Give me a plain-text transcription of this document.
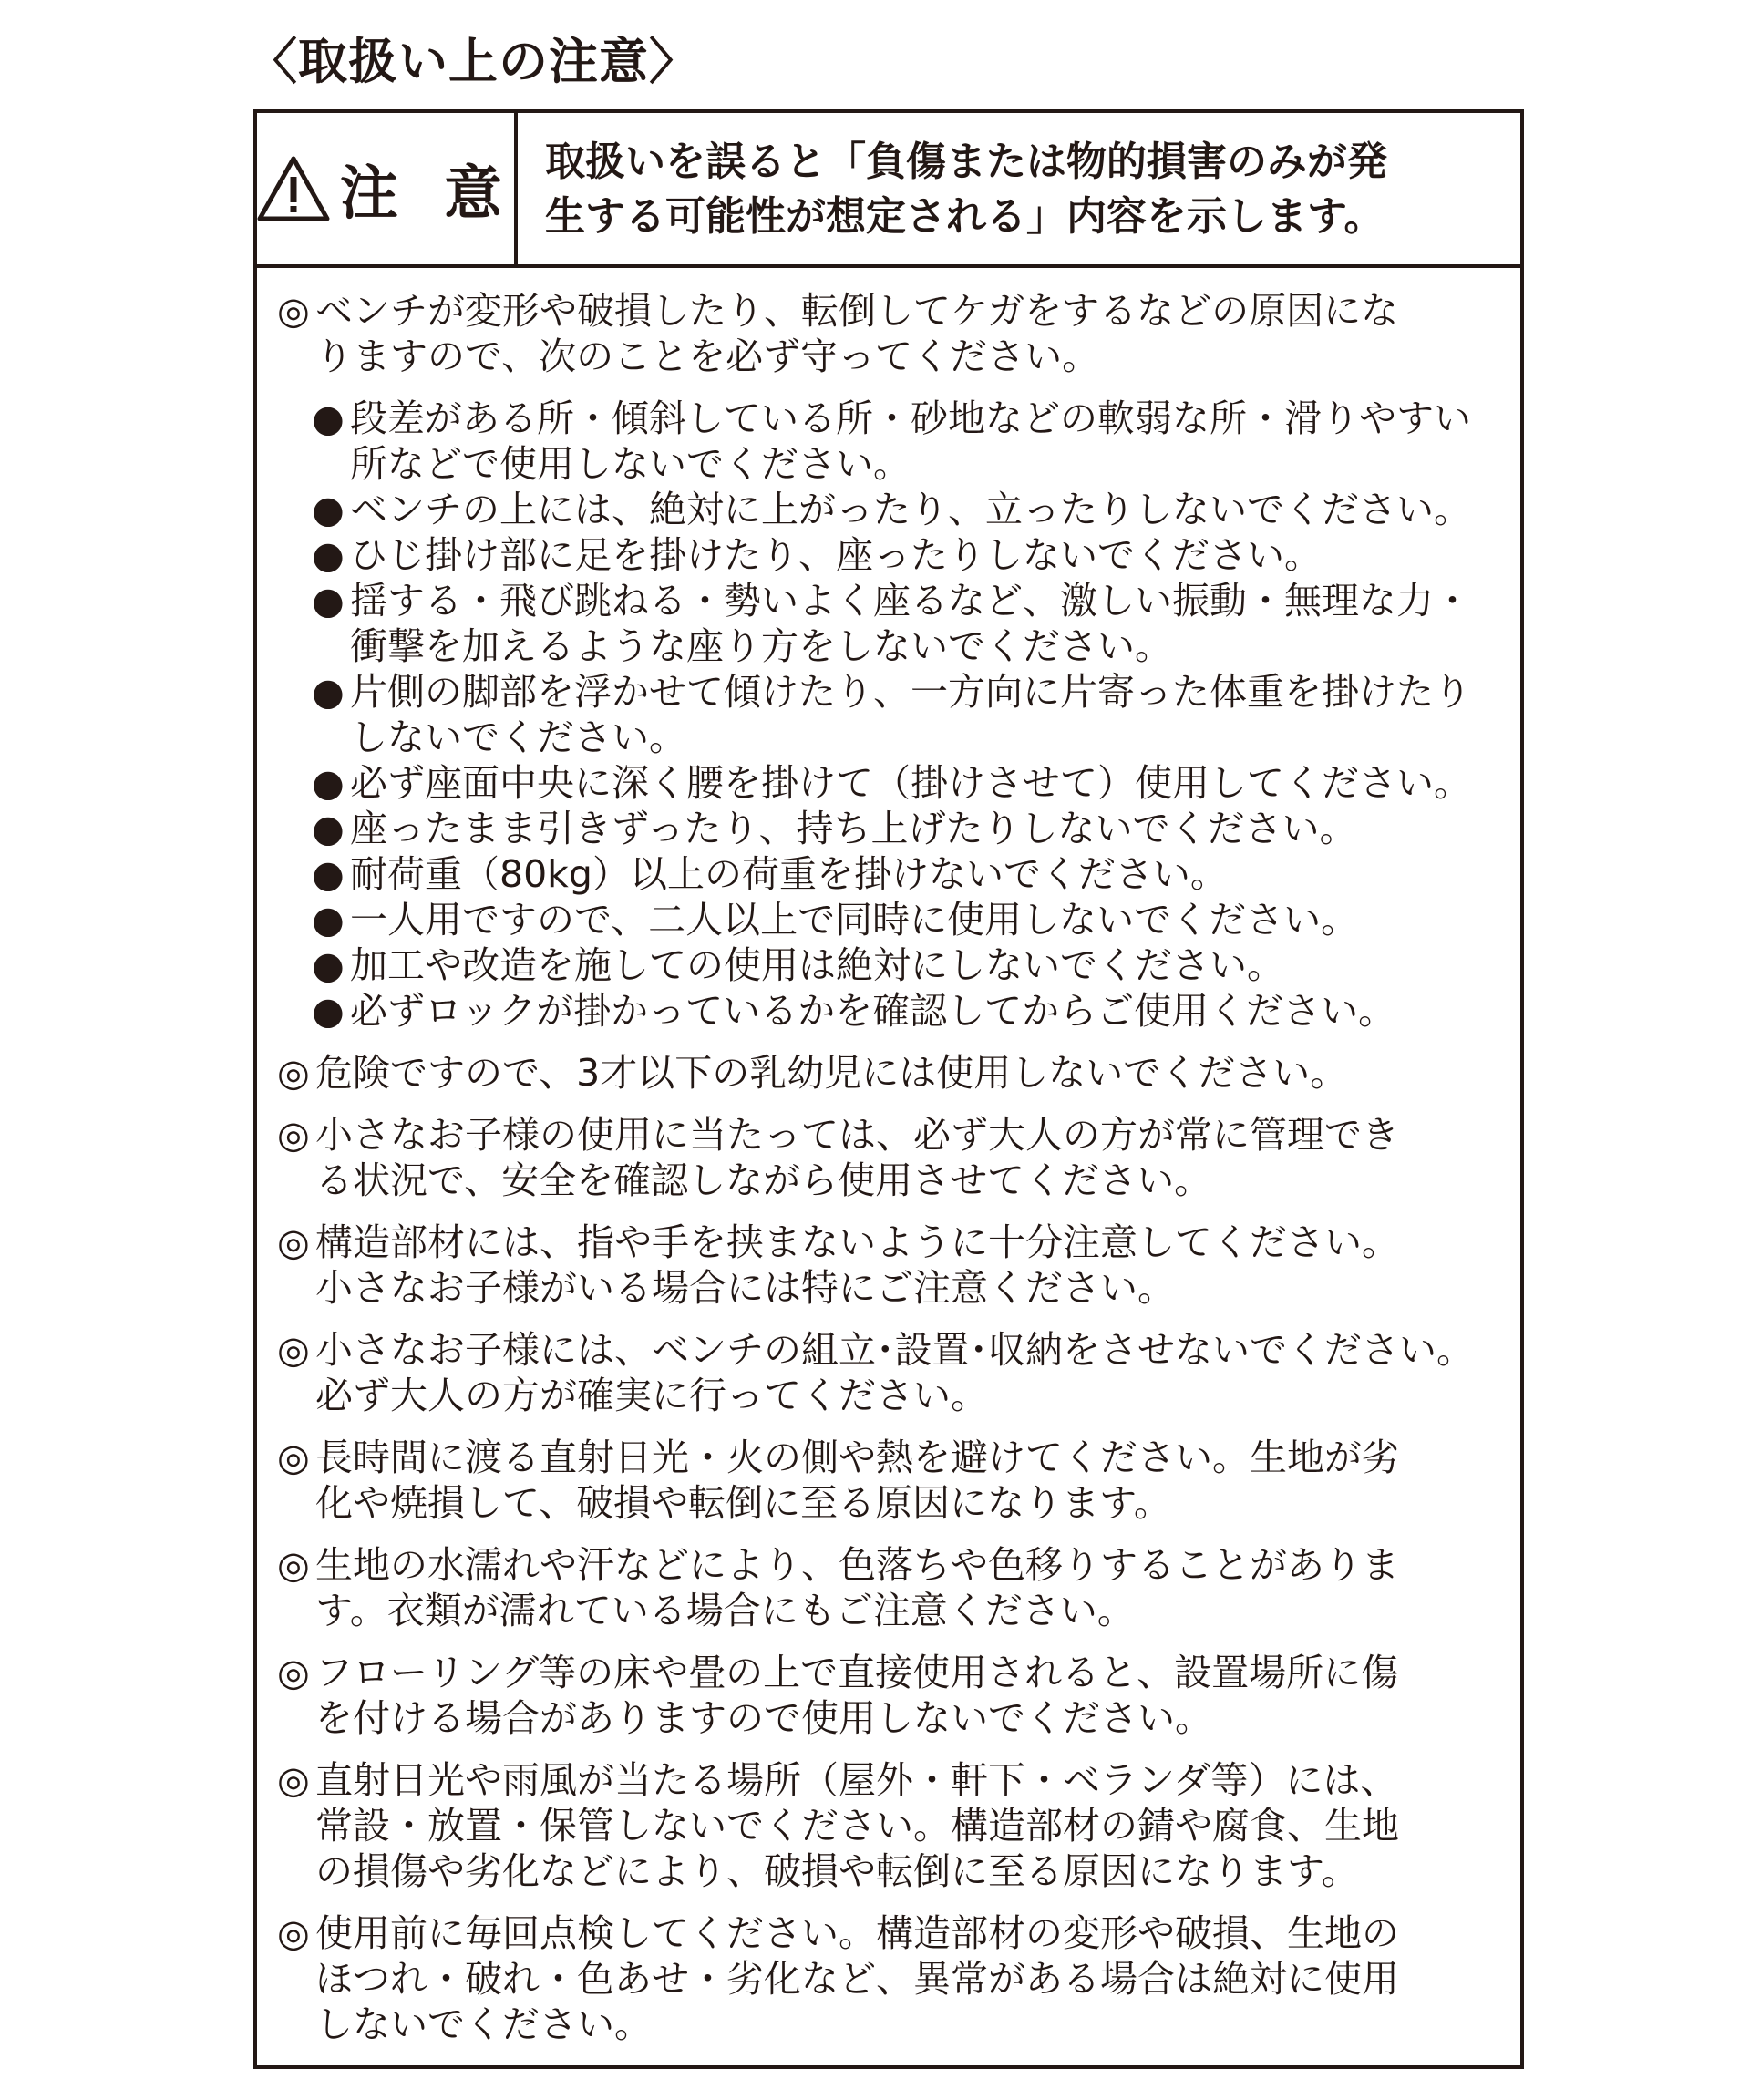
〈取扱い上の注意〉
注 意 取扱いを誤ると「負傷または物的損害のみが発
生する可能性が想定される」内容を示します。
◎ ベンチが変形や破損したり、転倒してケガをするなどの原因にな
りますので、次のことを必ず守ってください。
● 段差がある所・傾斜している所・砂地などの軟弱な所・滑りやすい
所などで使用しないでください。
● ベンチの上には、絶対に上がったり、立ったりしないでください。
● ひじ掛け部に足を掛けたり、座ったりしないでください。
● 揺する・飛び跳ねる・勢いよく座るなど、激しい振動・無理な力・
衝撃を加えるような座り方をしないでください。
● 片側の脚部を浮かせて傾けたり、一方向に片寄った体重を掛けたり
しないでください。
● 必ず座面中央に深く腰を掛けて（掛けさせて）使用してください。
● 座ったまま引きずったり、持ち上げたりしないでください。
● 耐荷重（80kg）以上の荷重を掛けないでください。
● 一人用ですので、二人以上で同時に使用しないでください。
● 加工や改造を施しての使用は絶対にしないでください。
● 必ずロックが掛かっているかを確認してからご使用ください。
◎ 危険ですので、3才以下の乳幼児には使用しないでください。
◎ 小さなお子様の使用に当たっては、必ず大人の方が常に管理でき
る状況で、安全を確認しながら使用させてください。
◎ 構造部材には、指や手を挟まないように十分注意してください。
小さなお子様がいる場合には特にご注意ください。
◎ 小さなお子様には、ベンチの組立･設置･収納をさせないでください。
必ず大人の方が確実に行ってください。
◎ 長時間に渡る直射日光・火の側や熱を避けてください。生地が劣
化や焼損して、破損や転倒に至る原因になります。
◎ 生地の水濡れや汗などにより、色落ちや色移りすることがありま
す。衣類が濡れている場合にもご注意ください。
◎ フローリング等の床や畳の上で直接使用されると、設置場所に傷
を付ける場合がありますので使用しないでください。
◎ 直射日光や雨風が当たる場所（屋外・軒下・ベランダ等）には、
常設・放置・保管しないでください。構造部材の錆や腐食、生地
の損傷や劣化などにより、破損や転倒に至る原因になります。
◎ 使用前に毎回点検してください。構造部材の変形や破損、生地の
ほつれ・破れ・色あせ・劣化など、異常がある場合は絶対に使用
しないでください。
